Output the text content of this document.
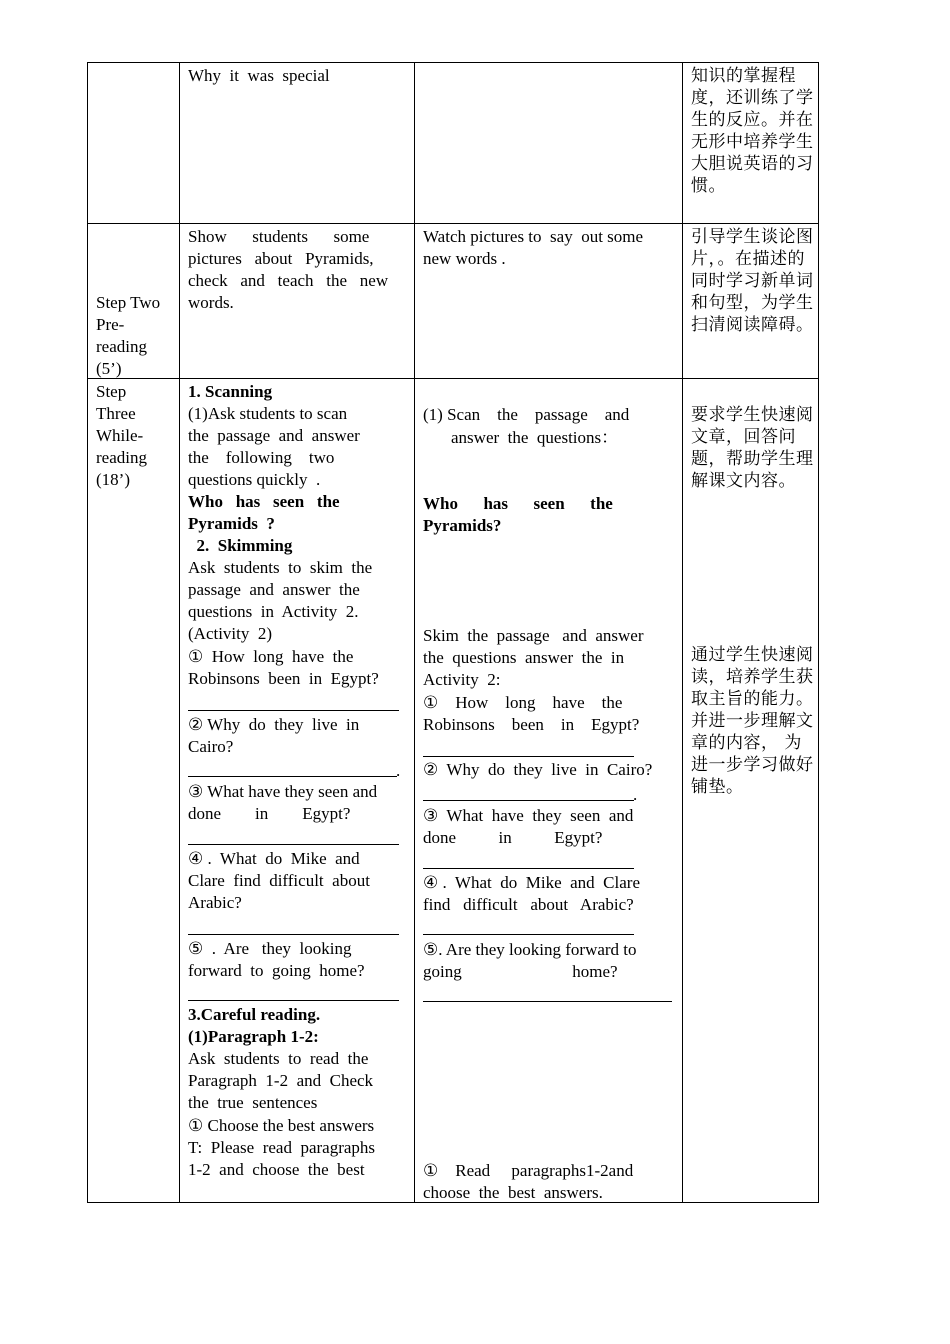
Why  it  was  special	知识的掌握程度，还训练了学生的反应。并在无形中培养学生大胆说英语的习惯。
Step Two
Pre-
reading
(5’)
Show      students      some
pictures   about   Pyramids,
check   and   teach   the   new
words.
Watch pictures to  say  out some
new words .
引导学生谈论图片，。在描述的同时学习新单词和句型，为学生扫清阅读障碍。
Step
Three
While-
reading
(18’)
1. Scanning
(1)Ask students to scan
the  passage  and  answer
the    following    two
questions quickly  .
Who   has   seen   the
Pyramids  ?
2.  Skimming
Ask  students  to  skim  the
passage  and  answer  the
questions  in  Activity  2.
(Activity  2)
①  How  long  have  the
Robinsons  been  in  Egypt?
② Why  do  they  live  in
Cairo?
.
③ What have they seen and
done        in        Egypt?
④ .  What  do  Mike  and
Clare  find  difficult  about
Arabic?
⑤  .  Are   they  looking
forward  to  going  home?
3.Careful reading.
(1)Paragraph 1-2:
Ask  students  to  read  the
Paragraph  1-2  and  Check
the  true  sentences
① Choose the best answers
T:  Please  read  paragraphs
1-2  and  choose  the  best
(1) Scan    the    passage    and
answer  the  questions：
Who      has      seen      the
Pyramids?
Skim  the  passage   and  answer
the  questions  answer  the  in
Activity  2:
①    How    long    have    the
Robinsons    been    in    Egypt?
②  Why  do  they  live  in  Cairo?
.
③  What  have  they  seen  and
done          in          Egypt?
④ .  What  do  Mike  and  Clare
find   difficult   about   Arabic?
⑤. Are they looking forward to
going                          home?
①    Read     paragraphs1-2and
choose  the  best  answers.
要求学生快速阅文章，回答问题，帮助学生理解课文内容。
通过学生快速阅读，培养学生获取主旨的能力。并进一步理解文章的内容， 为进一步学习做好铺垫。
